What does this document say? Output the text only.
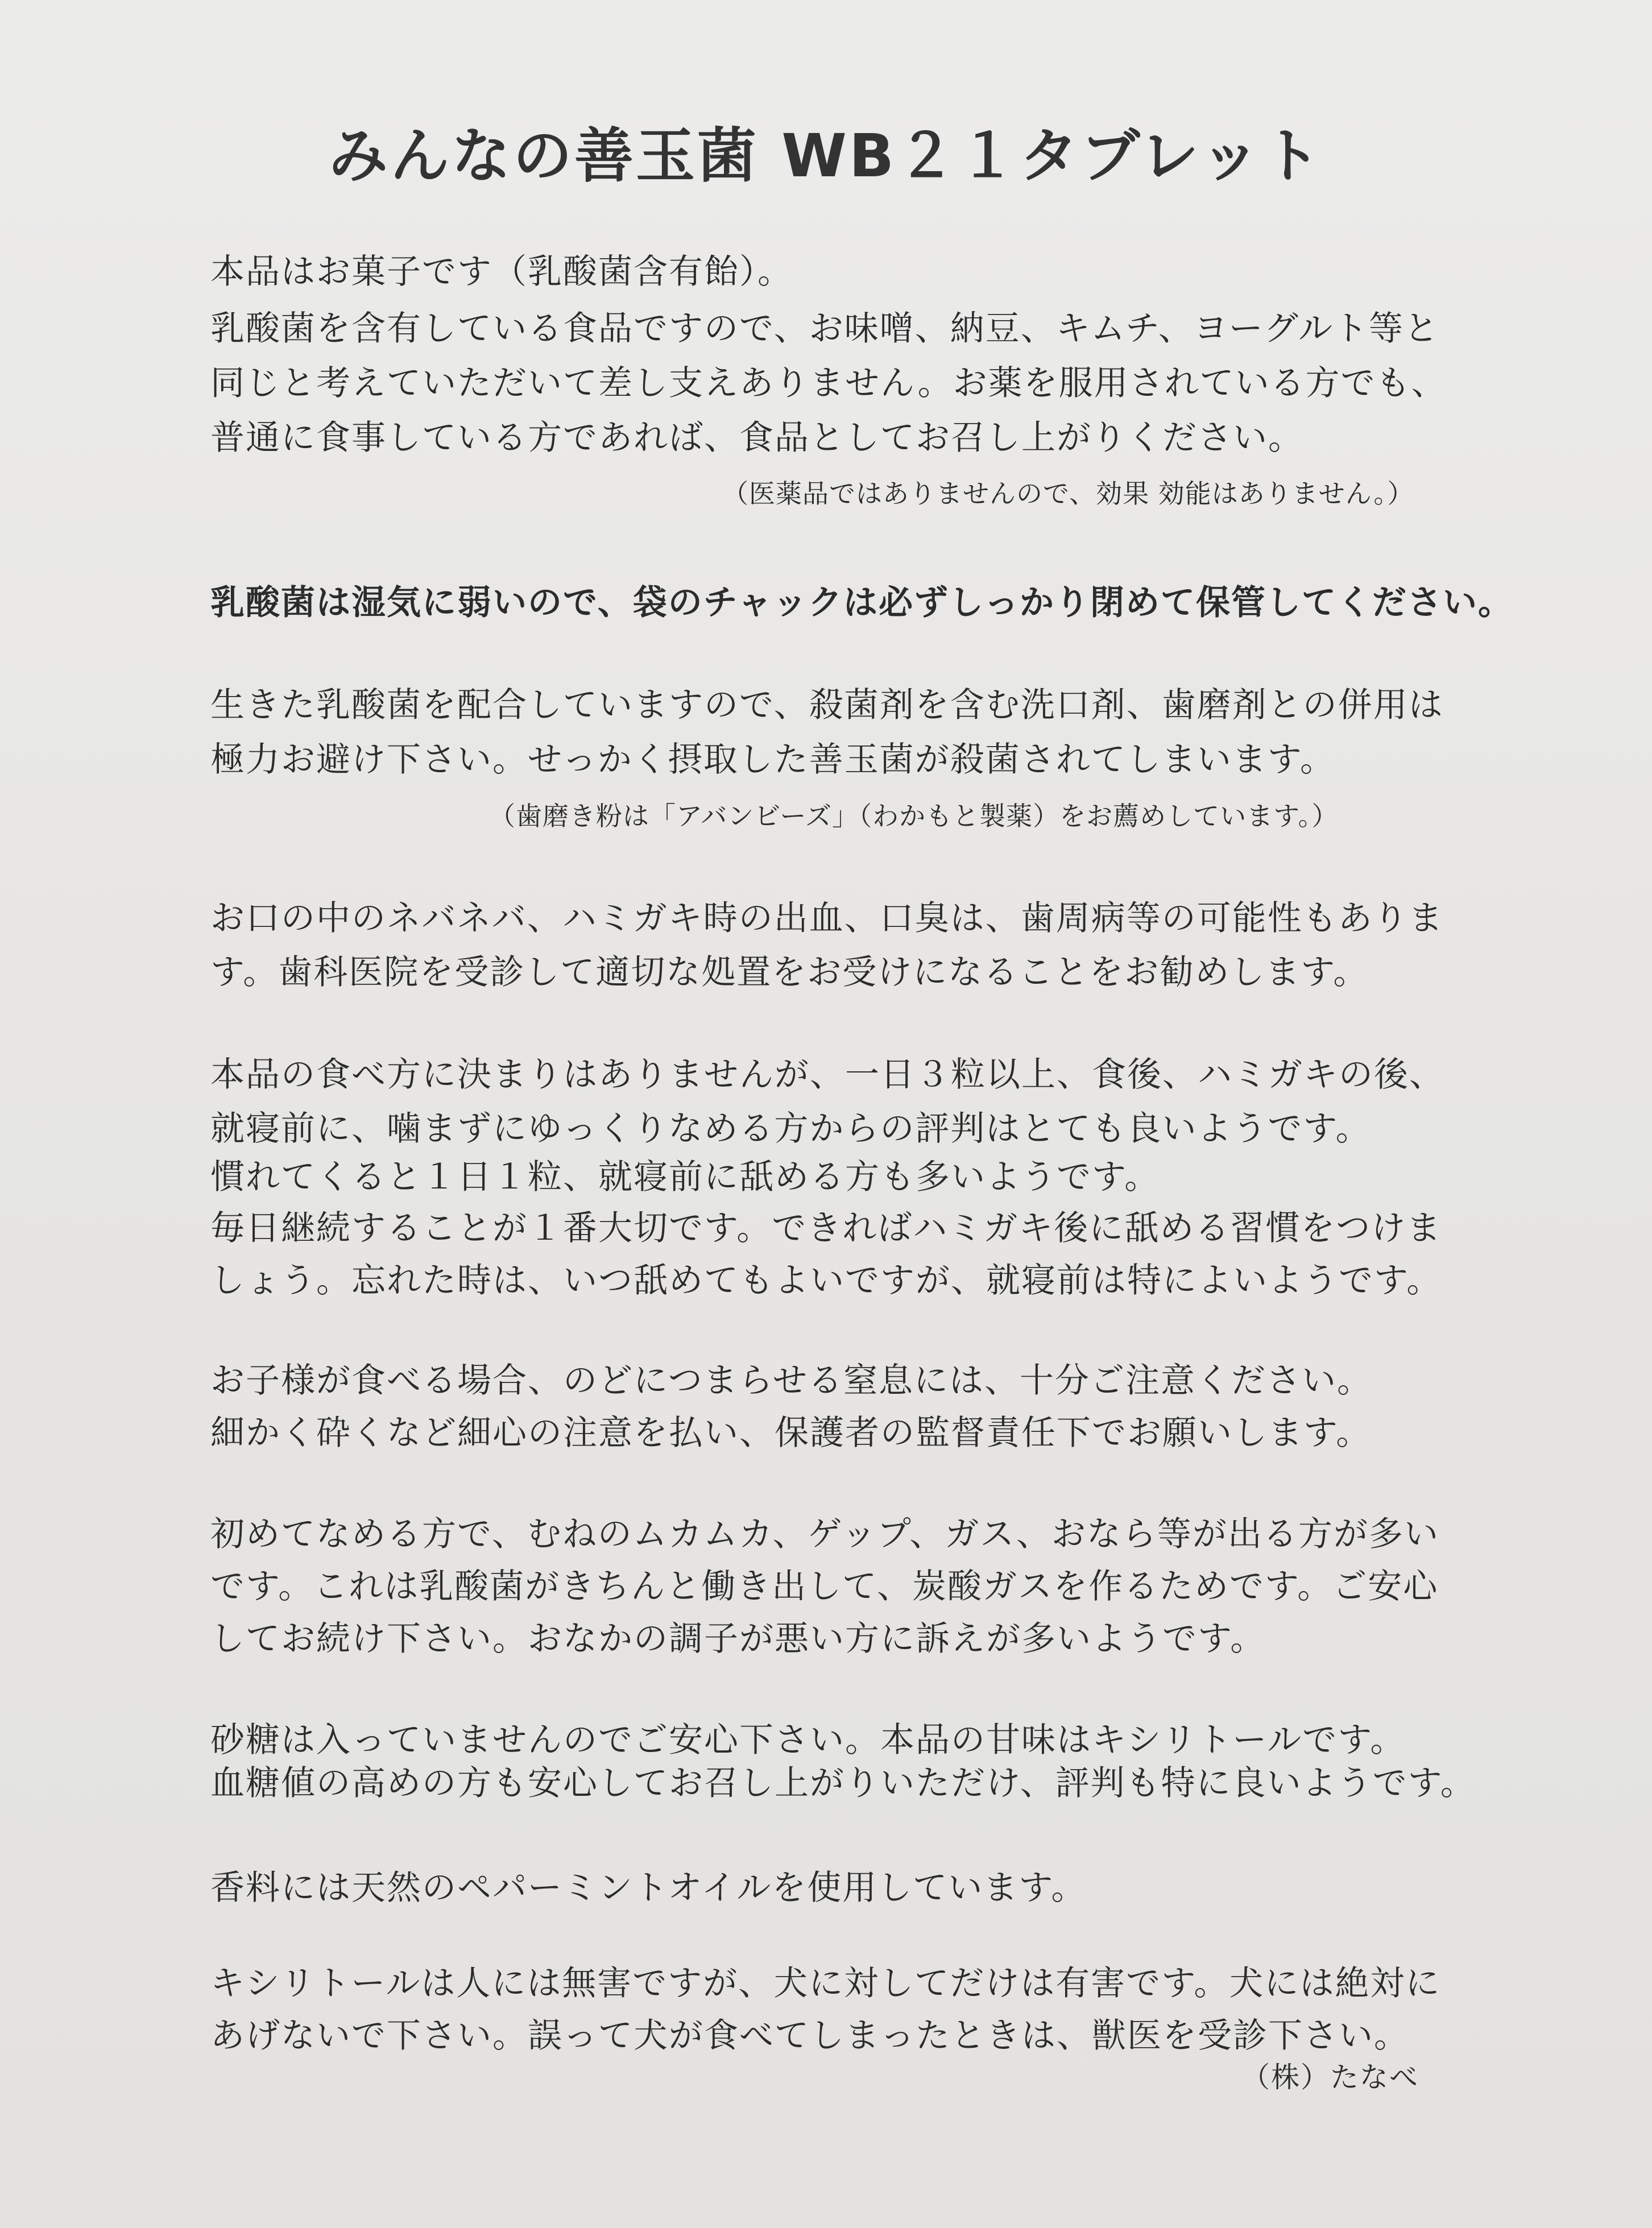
みんなの善玉菌 WB２１タブレット

本品はお菓子です（乳酸菌含有飴）。

乳酸菌を含有している食品ですので、お味噌、納豆、キムチ、ヨーグルト等と

同じと考えていただいて差し支えありません。お薬を服用されている方でも、

普通に食事している方であれば、食品としてお召し上がりください。

（医薬品ではありませんので、効果 効能はありません。）

乳酸菌は湿気に弱いので、袋のチャックは必ずしっかり閉めて保管してください。

生きた乳酸菌を配合していますので、殺菌剤を含む洗口剤、歯磨剤との併用は

極力お避け下さい。せっかく摂取した善玉菌が殺菌されてしまいます。

（歯磨き粉は「アバンビーズ」（わかもと製薬）をお薦めしています。）

お口の中のネバネバ、ハミガキ時の出血、口臭は、歯周病等の可能性もありま

す。歯科医院を受診して適切な処置をお受けになることをお勧めします。

本品の食べ方に決まりはありませんが、一日３粒以上、食後、ハミガキの後、

就寝前に、噛まずにゆっくりなめる方からの評判はとても良いようです。

慣れてくると１日１粒、就寝前に舐める方も多いようです。

毎日継続することが１番大切です。できればハミガキ後に舐める習慣をつけま

しょう。忘れた時は、いつ舐めてもよいですが、就寝前は特によいようです。

お子様が食べる場合、のどにつまらせる窒息には、十分ご注意ください。

細かく砕くなど細心の注意を払い、保護者の監督責任下でお願いします。

初めてなめる方で、むねのムカムカ、ゲップ、ガス、おなら等が出る方が多い

です。これは乳酸菌がきちんと働き出して、炭酸ガスを作るためです。ご安心

してお続け下さい。おなかの調子が悪い方に訴えが多いようです。

砂糖は入っていませんのでご安心下さい。本品の甘味はキシリトールです。

血糖値の高めの方も安心してお召し上がりいただけ、評判も特に良いようです。

香料には天然のペパーミントオイルを使用しています。

キシリトールは人には無害ですが、犬に対してだけは有害です。犬には絶対に

あげないで下さい。誤って犬が食べてしまったときは、獣医を受診下さい。

（株）たなべ
